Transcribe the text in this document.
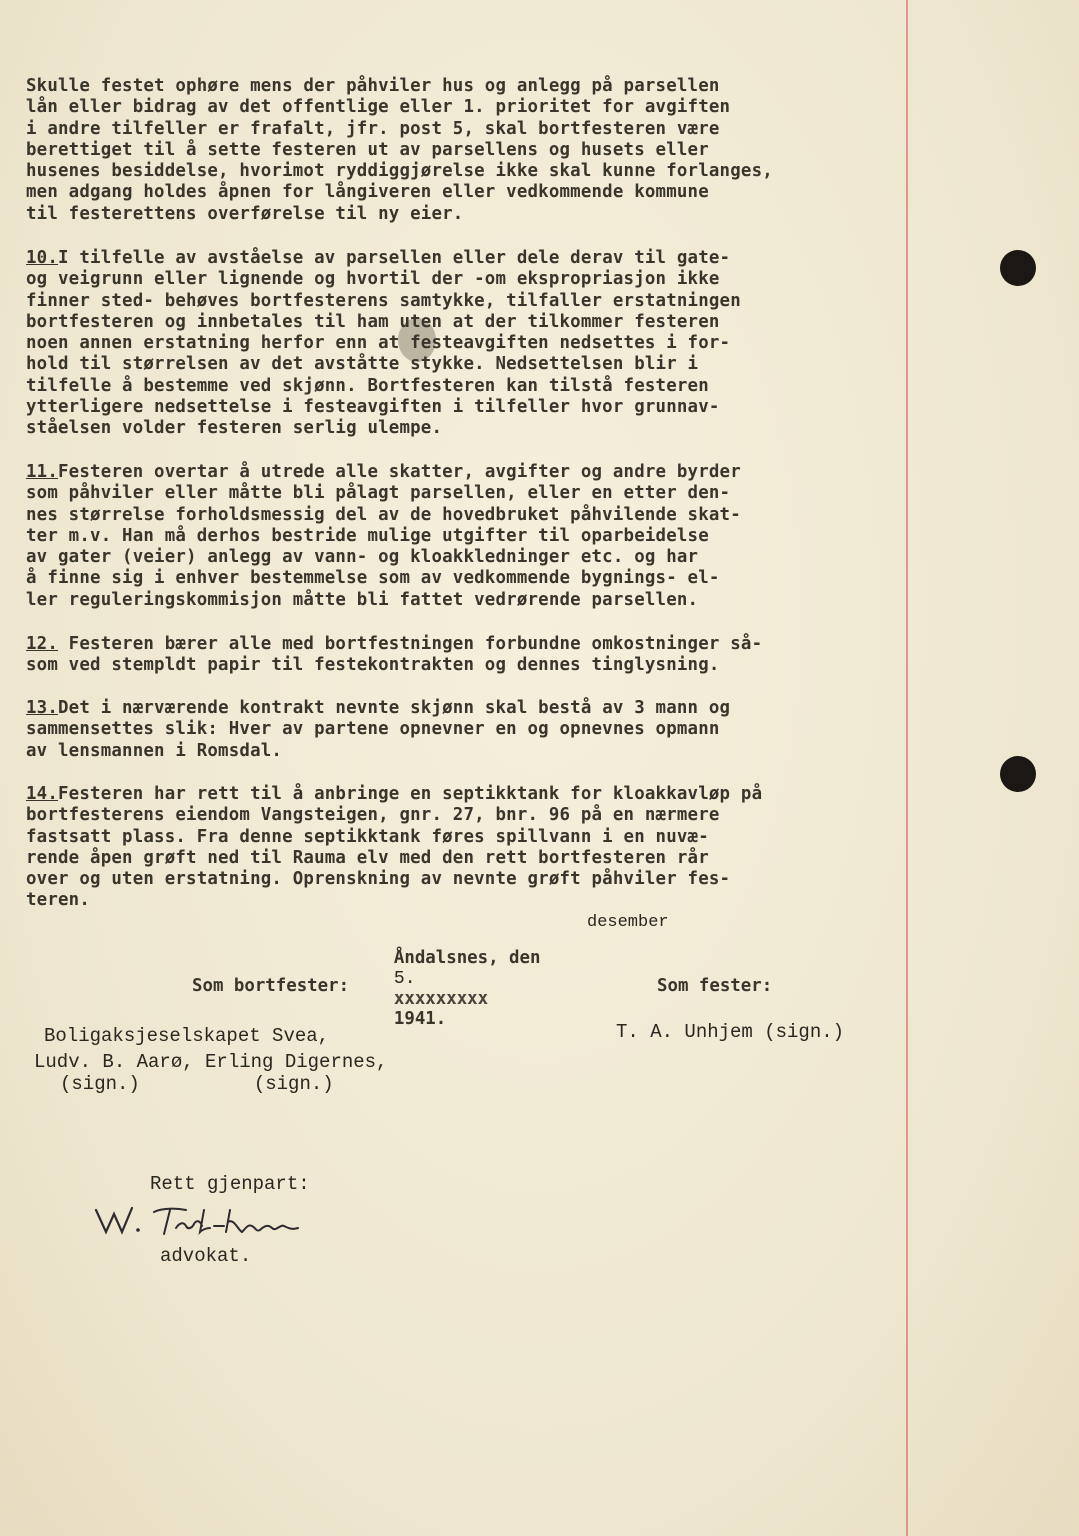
Skulle festet ophøre mens der påhviler hus og anlegg på parsellen
lån eller bidrag av det offentlige eller 1. prioritet for avgiften
i andre tilfeller er frafalt, jfr. post 5, skal bortfesteren være
berettiget til å sette festeren ut av parsellens og husets eller
husenes besiddelse, hvorimot ryddiggjørelse ikke skal kunne forlanges,
men adgang holdes åpnen for långiveren eller vedkommende kommune
til festerettens overførelse til ny eier.
10.I tilfelle av avståelse av parsellen eller dele derav til gate-
og veigrunn eller lignende og hvortil der -om ekspropriasjon ikke
finner sted- behøves bortfesterens samtykke, tilfaller erstatningen
bortfesteren og innbetales til ham uten at der tilkommer festeren
noen annen erstatning herfor enn at festeavgiften nedsettes i for-
hold til størrelsen av det avståtte stykke. Nedsettelsen blir i
tilfelle å bestemme ved skjønn. Bortfesteren kan tilstå festeren
ytterligere nedsettelse i festeavgiften i tilfeller hvor grunnav-
ståelsen volder festeren serlig ulempe.
11.Festeren overtar å utrede alle skatter, avgifter og andre byrder
som påhviler eller måtte bli pålagt parsellen, eller en etter den-
nes størrelse forholdsmessig del av de hovedbruket påhvilende skat-
ter m.v. Han må derhos bestride mulige utgifter til oparbeidelse
av gater (veier) anlegg av vann- og kloakkledninger etc. og har
å finne sig i enhver bestemmelse som av vedkommende bygnings- el-
ler reguleringskommisjon måtte bli fattet vedrørende parsellen.
12. Festeren bærer alle med bortfestningen forbundne omkostninger så-
som ved stempldt papir til festekontrakten og dennes tinglysning.
13.Det i nærværende kontrakt nevnte skjønn skal bestå av 3 mann og
sammensettes slik: Hver av partene opnevner en og opnevnes opmann
av lensmannen i Romsdal.
14.Festeren har rett til å anbringe en septikktank for kloakkavløp på
bortfesterens eiendom Vangsteigen, gnr. 27, bnr. 96 på en nærmere
fastsatt plass. Fra denne septikktank føres spillvann i en nuvæ-
rende åpen grøft ned til Rauma elv med den rett bortfesteren rår
over og uten erstatning. Oprenskning av nevnte grøft påhviler fes-
teren.
desember

Åndalsnes, den
5.
xxxxxxxxx
1941.

Som bortfester:	Som fester:
Boligaksjeselskapet Svea,
Ludv. B. Aarø, Erling Digernes,
(sign.)          (sign.)
T. A. Unhjem (sign.)
Rett gjenpart:
advokat.
